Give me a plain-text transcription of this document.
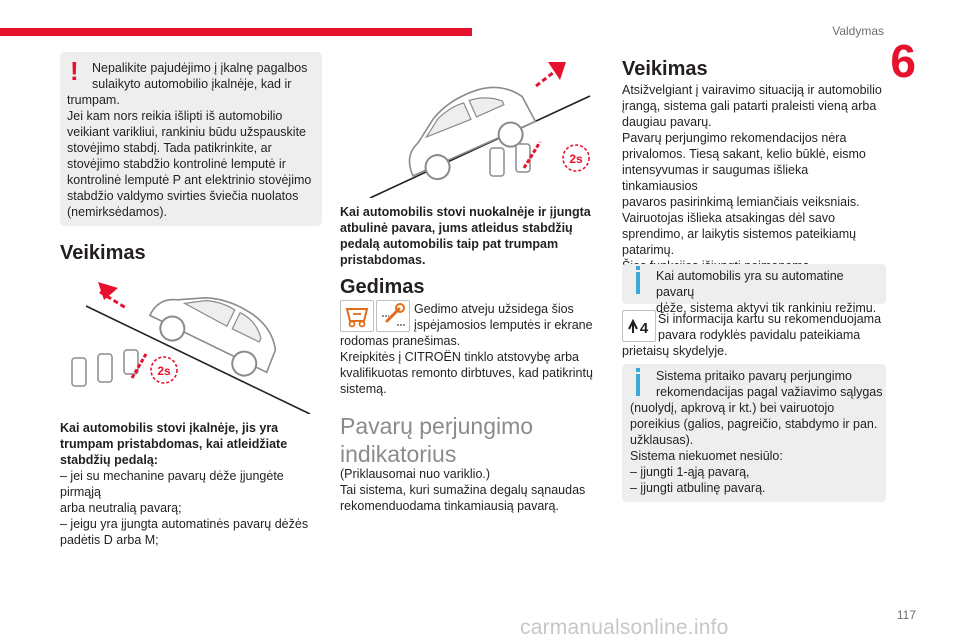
Valdymas
6
!	Nepalikite pajudėjimo į įkalnę pagalbos

sulaikyto automobilio įkalnėje, kad ir

trumpam.

Jei kam nors reikia išlipti iš automobilio

veikiant varikliui, rankiniu būdu užspauskite

stovėjimo stabdį. Tada patikrinkite, ar

stovėjimo stabdžio kontrolinė lemputė ir

kontrolinė lemputė P ant elektrinio stovėjimo

stabdžio valdymo svirties šviečia nuolatos

(nemirksėdamos).

Veikimas
2s

Kai automobilis stovi įkalnėje, jis yra

trumpam pristabdomas, kai atleidžiate

stabdžių pedalą:

– jei su mechanine pavarų dėže įjungėte pirmąją

arba neutralią pavarą;

– jeigu yra įjungta automatinės pavarų dėžės

padėtis D arba M;

2s

Kai automobilis stovi nuokalnėje ir įjungta

atbulinė pavara, jums atleidus stabdžių

pedalą automobilis taip pat trumpam

pristabdomas.

Gedimas

Gedimo atveju užsidega šios

įspėjamosios lemputės ir ekrane

rodomas pranešimas.

Kreipkitės į CITROËN tinklo atstovybę arba

kvalifikuotas remonto dirbtuves, kad patikrintų

sistemą.

Pavarų perjungimo
indikatorius

(Priklausomai nuo variklio.)

Tai sistema, kuri sumažina degalų sąnaudas

rekomenduodama tinkamiausią pavarą.

Veikimas

Atsižvelgiant į vairavimo situaciją ir automobilio

įrangą, sistema gali patarti praleisti vieną arba

daugiau pavarų.

Pavarų perjungimo rekomendacijos nėra

privalomos. Tiesą sakant, kelio būklė, eismo

intensyvumas ir saugumas išlieka tinkamiausios

pavaros pasirinkimą lemiančiais veiksniais.

Vairuotojas išlieka atsakingas dėl savo

sprendimo, ar laikytis sistemos pateikiamų

patarimų.

Kai automobilis yra su automatine pavarų

dėže, sistema aktyvi tik rankiniu režimu.

4

Ši informacija kartu su rekomenduojama

pavara rodyklės pavidalu pateikiama

prietaisų skydelyje.

Sistema pritaiko pavarų perjungimo

rekomendacijas pagal važiavimo sąlygas

(nuolydį, apkrovą ir kt.) bei vairuotojo

poreikius (galios, pagreičio, stabdymo ir pan.

užklausas).

Sistema niekuomet nesiūlo:

– įjungti 1-ąją pavarą,

– įjungti atbulinę pavarą.

117
carmanualsonline.info
